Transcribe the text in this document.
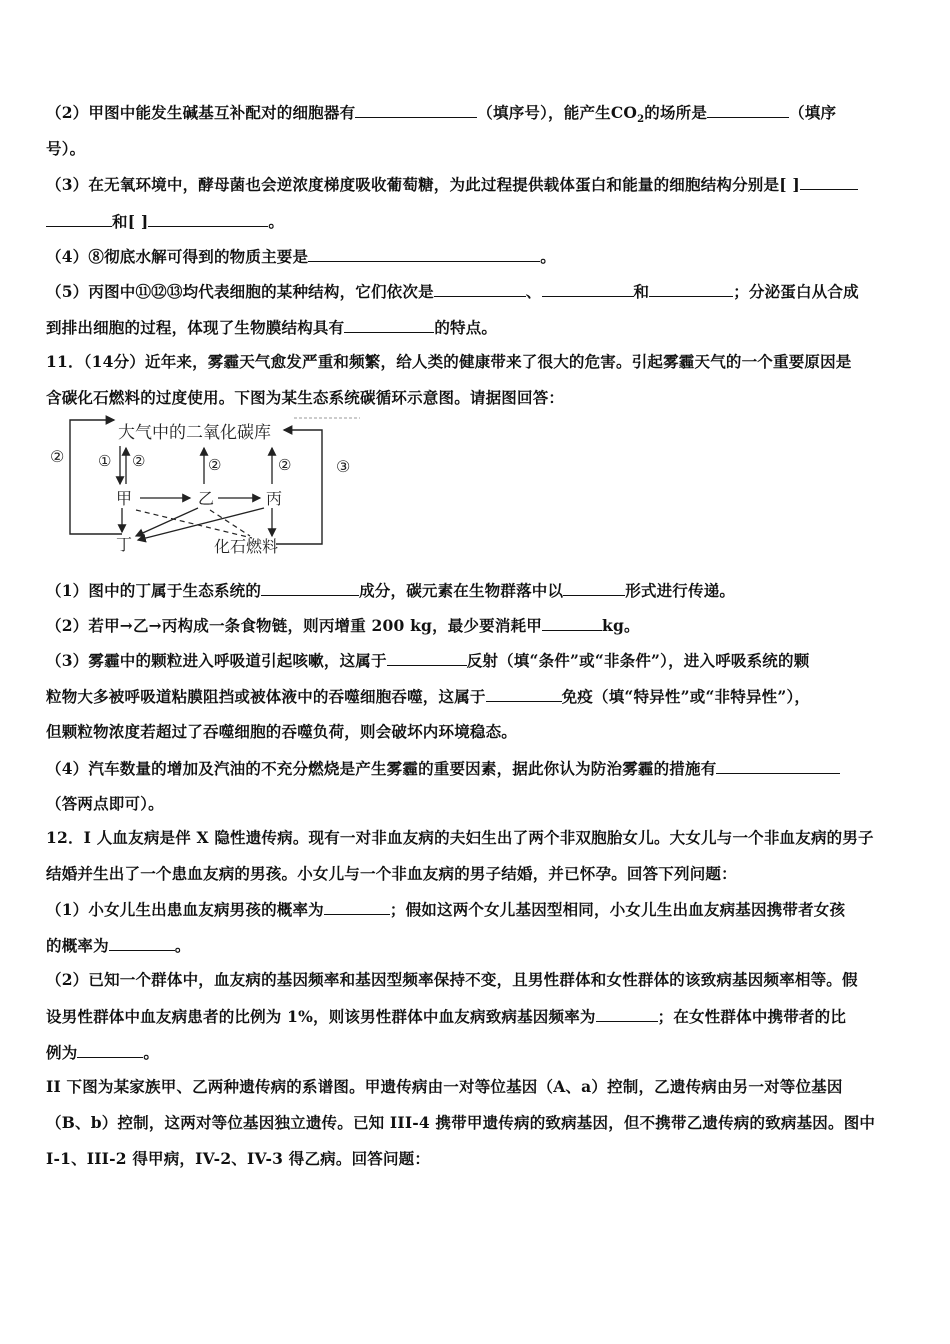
（2）甲图中能发生碱基互补配对的细胞器有	（填序号），能产生$CO_2$的场所是	（填序
号）。
（3）在无氧环境中，酵母菌也会逆浓度梯度吸收葡萄糖，为此过程提供载体蛋白和能量的细胞结构分别是[ ]
和[ ]	。
（4）⑧彻底水解可得到的物质主要是	。
（5）丙图中⑪⑫⑬均代表细胞的某种结构，它们依次是	、	和	；分泌蛋白从合成
到排出细胞的过程，体现了生物膜结构具有	的特点。
11．（14分）近年来，雾霾天气愈发严重和频繁，给人类的健康带来了很大的危害。引起雾霾天气的一个重要原因是
含碳化石燃料的过度使用。下图为某生态系统碳循环示意图。请据图回答：
大气中的二氧化碳库
甲	乙	丙
丁	化石燃料
② ① ②	②	②	③
（1）图中的丁属于生态系统的	成分，碳元素在生物群落中以	形式进行传递。
（2）若甲→乙→丙构成一条食物链，则丙增重 200 kg，最少要消耗甲	kg。
（3）雾霾中的颗粒进入呼吸道引起咳嗽，这属于	反射（填“条件”或“非条件”），进入呼吸系统的颗
粒物大多被呼吸道粘膜阻挡或被体液中的吞噬细胞吞噬，这属于	免疫（填“特异性”或“非特异性”），
但颗粒物浓度若超过了吞噬细胞的吞噬负荷，则会破坏内环境稳态。
（4）汽车数量的增加及汽油的不充分燃烧是产生雾霾的重要因素，据此你认为防治雾霾的措施有
（答两点即可）。
12．I 人血友病是伴 X 隐性遗传病。现有一对非血友病的夫妇生出了两个非双胞胎女儿。大女儿与一个非血友病的男子
结婚并生出了一个患血友病的男孩。小女儿与一个非血友病的男子结婚，并已怀孕。回答下列问题：
（1）小女儿生出患血友病男孩的概率为	；假如这两个女儿基因型相同，小女儿生出血友病基因携带者女孩
的概率为	。
（2）已知一个群体中，血友病的基因频率和基因型频率保持不变，且男性群体和女性群体的该致病基因频率相等。假
设男性群体中血友病患者的比例为 1%，则该男性群体中血友病致病基因频率为	；在女性群体中携带者的比
例为	。
II 下图为某家族甲、乙两种遗传病的系谱图。甲遗传病由一对等位基因（A、a）控制，乙遗传病由另一对等位基因
（B、b）控制，这两对等位基因独立遗传。已知 III-4 携带甲遗传病的致病基因，但不携带乙遗传病的致病基因。图中
I-1、III-2 得甲病，IV-2、IV-3 得乙病。回答问题：
